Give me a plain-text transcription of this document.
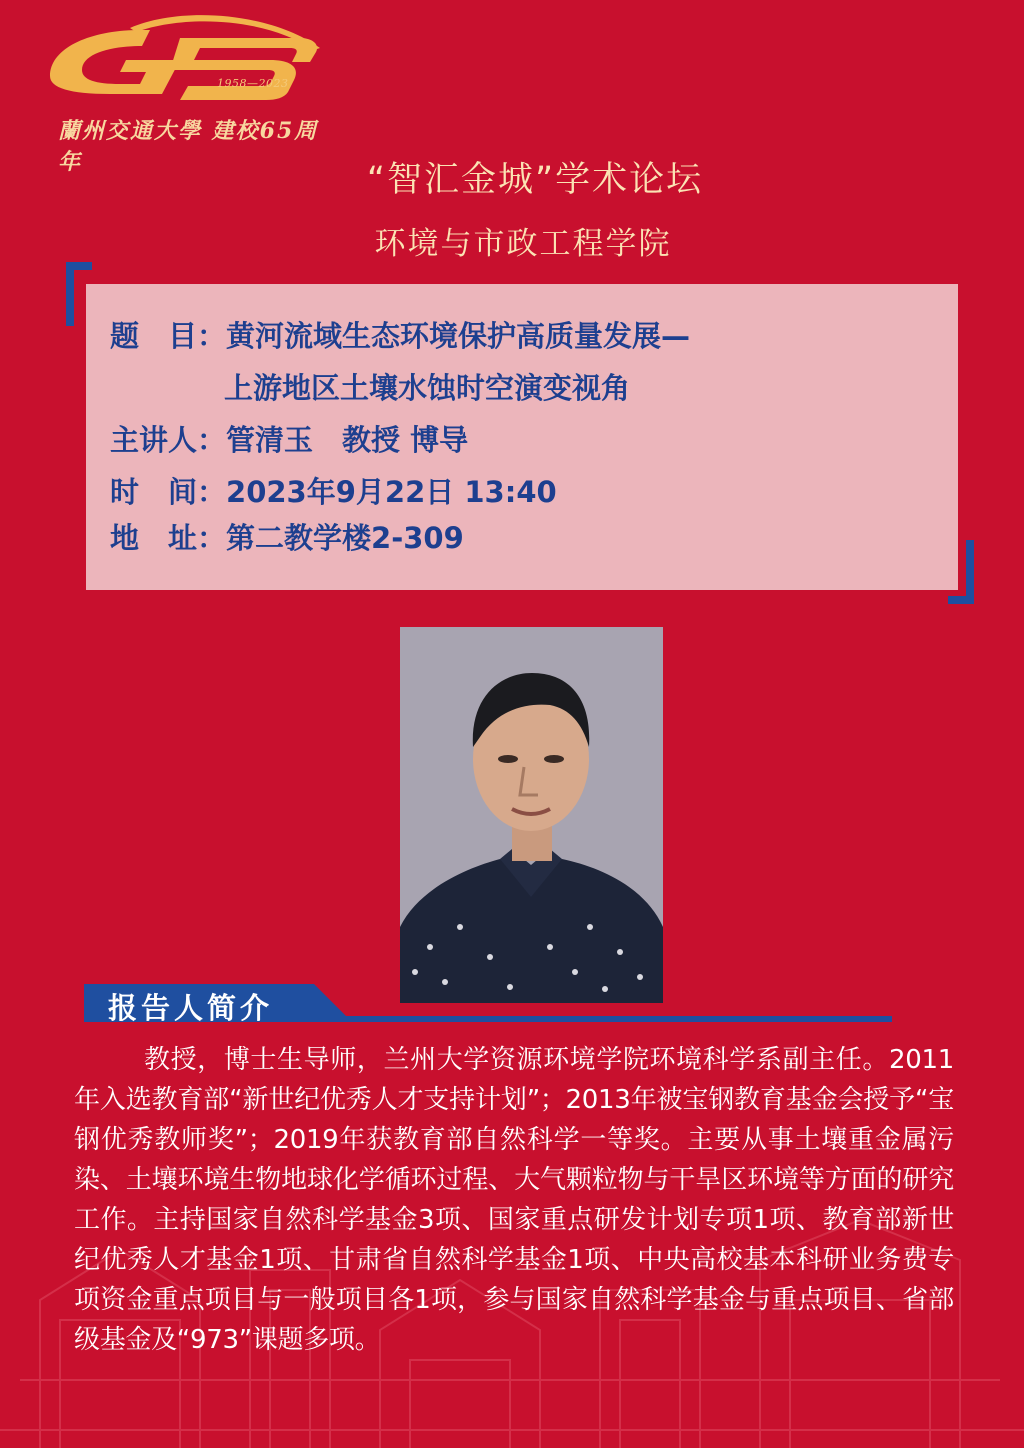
1958—2023
蘭州交通大學 建校65周年	“智汇金城”学术论坛
环境与市政工程学院
题　目：黄河流域生态环境保护高质量发展—
上游地区土壤水蚀时空演变视角
主讲人：管清玉　教授 博导
时　间：2023年9月22日 13:40
地　址：第二教学楼2-309
报告人简介
教授，博士生导师，兰州大学资源环境学院环境科学系副主任。2011年入选教育部“新世纪优秀人才支持计划”；2013年被宝钢教育基金会授予“宝钢优秀教师奖”；2019年获教育部自然科学一等奖。主要从事土壤重金属污染、土壤环境生物地球化学循环过程、大气颗粒物与干旱区环境等方面的研究工作。主持国家自然科学基金3项、国家重点研发计划专项1项、教育部新世纪优秀人才基金1项、甘肃省自然科学基金1项、中央高校基本科研业务费专项资金重点项目与一般项目各1项，参与国家自然科学基金与重点项目、省部级基金及“973”课题多项。
